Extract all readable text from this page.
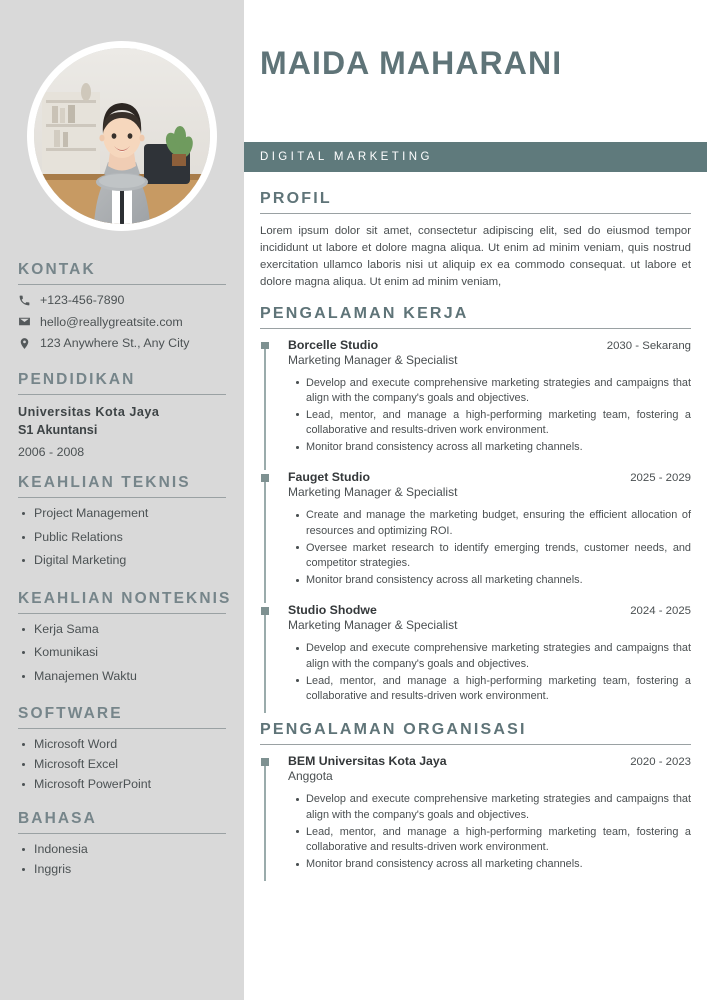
KONTAK
+123-456-7890
hello@reallygreatsite.com
123 Anywhere St., Any City
PENDIDIKAN
Universitas Kota Jaya
S1 Akuntansi
2006 - 2008
KEAHLIAN TEKNIS
Project Management
Public Relations
Digital Marketing
KEAHLIAN NONTEKNIS
Kerja Sama
Komunikasi
Manajemen Waktu
SOFTWARE
Microsoft Word
Microsoft Excel
Microsoft PowerPoint
BAHASA
Indonesia
Inggris
MAIDA MAHARANI
DIGITAL MARKETING
PROFIL

Lorem ipsum dolor sit amet, consectetur adipiscing elit, sed do eiusmod tempor incididunt ut labore et dolore magna aliqua. Ut enim ad minim veniam, quis nostrud exercitation ullamco laboris nisi ut aliquip ex ea commodo consequat. ut labore et dolore magna aliqua. Ut enim ad minim veniam,

PENGALAMAN KERJA
Borcelle Studio	2030 - Sekarang
Marketing Manager & Specialist
Develop and execute comprehensive marketing strategies and campaigns that align with the company's goals and objectives.
Lead, mentor, and manage a high-performing marketing team, fostering a collaborative and results-driven work environment.
Monitor brand consistency across all marketing channels.
Fauget Studio	2025 - 2029
Marketing Manager & Specialist
Create and manage the marketing budget, ensuring the efficient allocation of resources and optimizing ROI.
Oversee market research to identify emerging trends, customer needs, and competitor strategies.
Monitor brand consistency across all marketing channels.
Studio Shodwe	2024 - 2025
Marketing Manager & Specialist
Develop and execute comprehensive marketing strategies and campaigns that align with the company's goals and objectives.
Lead, mentor, and manage a high-performing marketing team, fostering a collaborative and results-driven work environment.
PENGALAMAN ORGANISASI
BEM Universitas Kota Jaya	2020 - 2023
Anggota
Develop and execute comprehensive marketing strategies and campaigns that align with the company's goals and objectives.
Lead, mentor, and manage a high-performing marketing team, fostering a collaborative and results-driven work environment.
Monitor brand consistency across all marketing channels.
